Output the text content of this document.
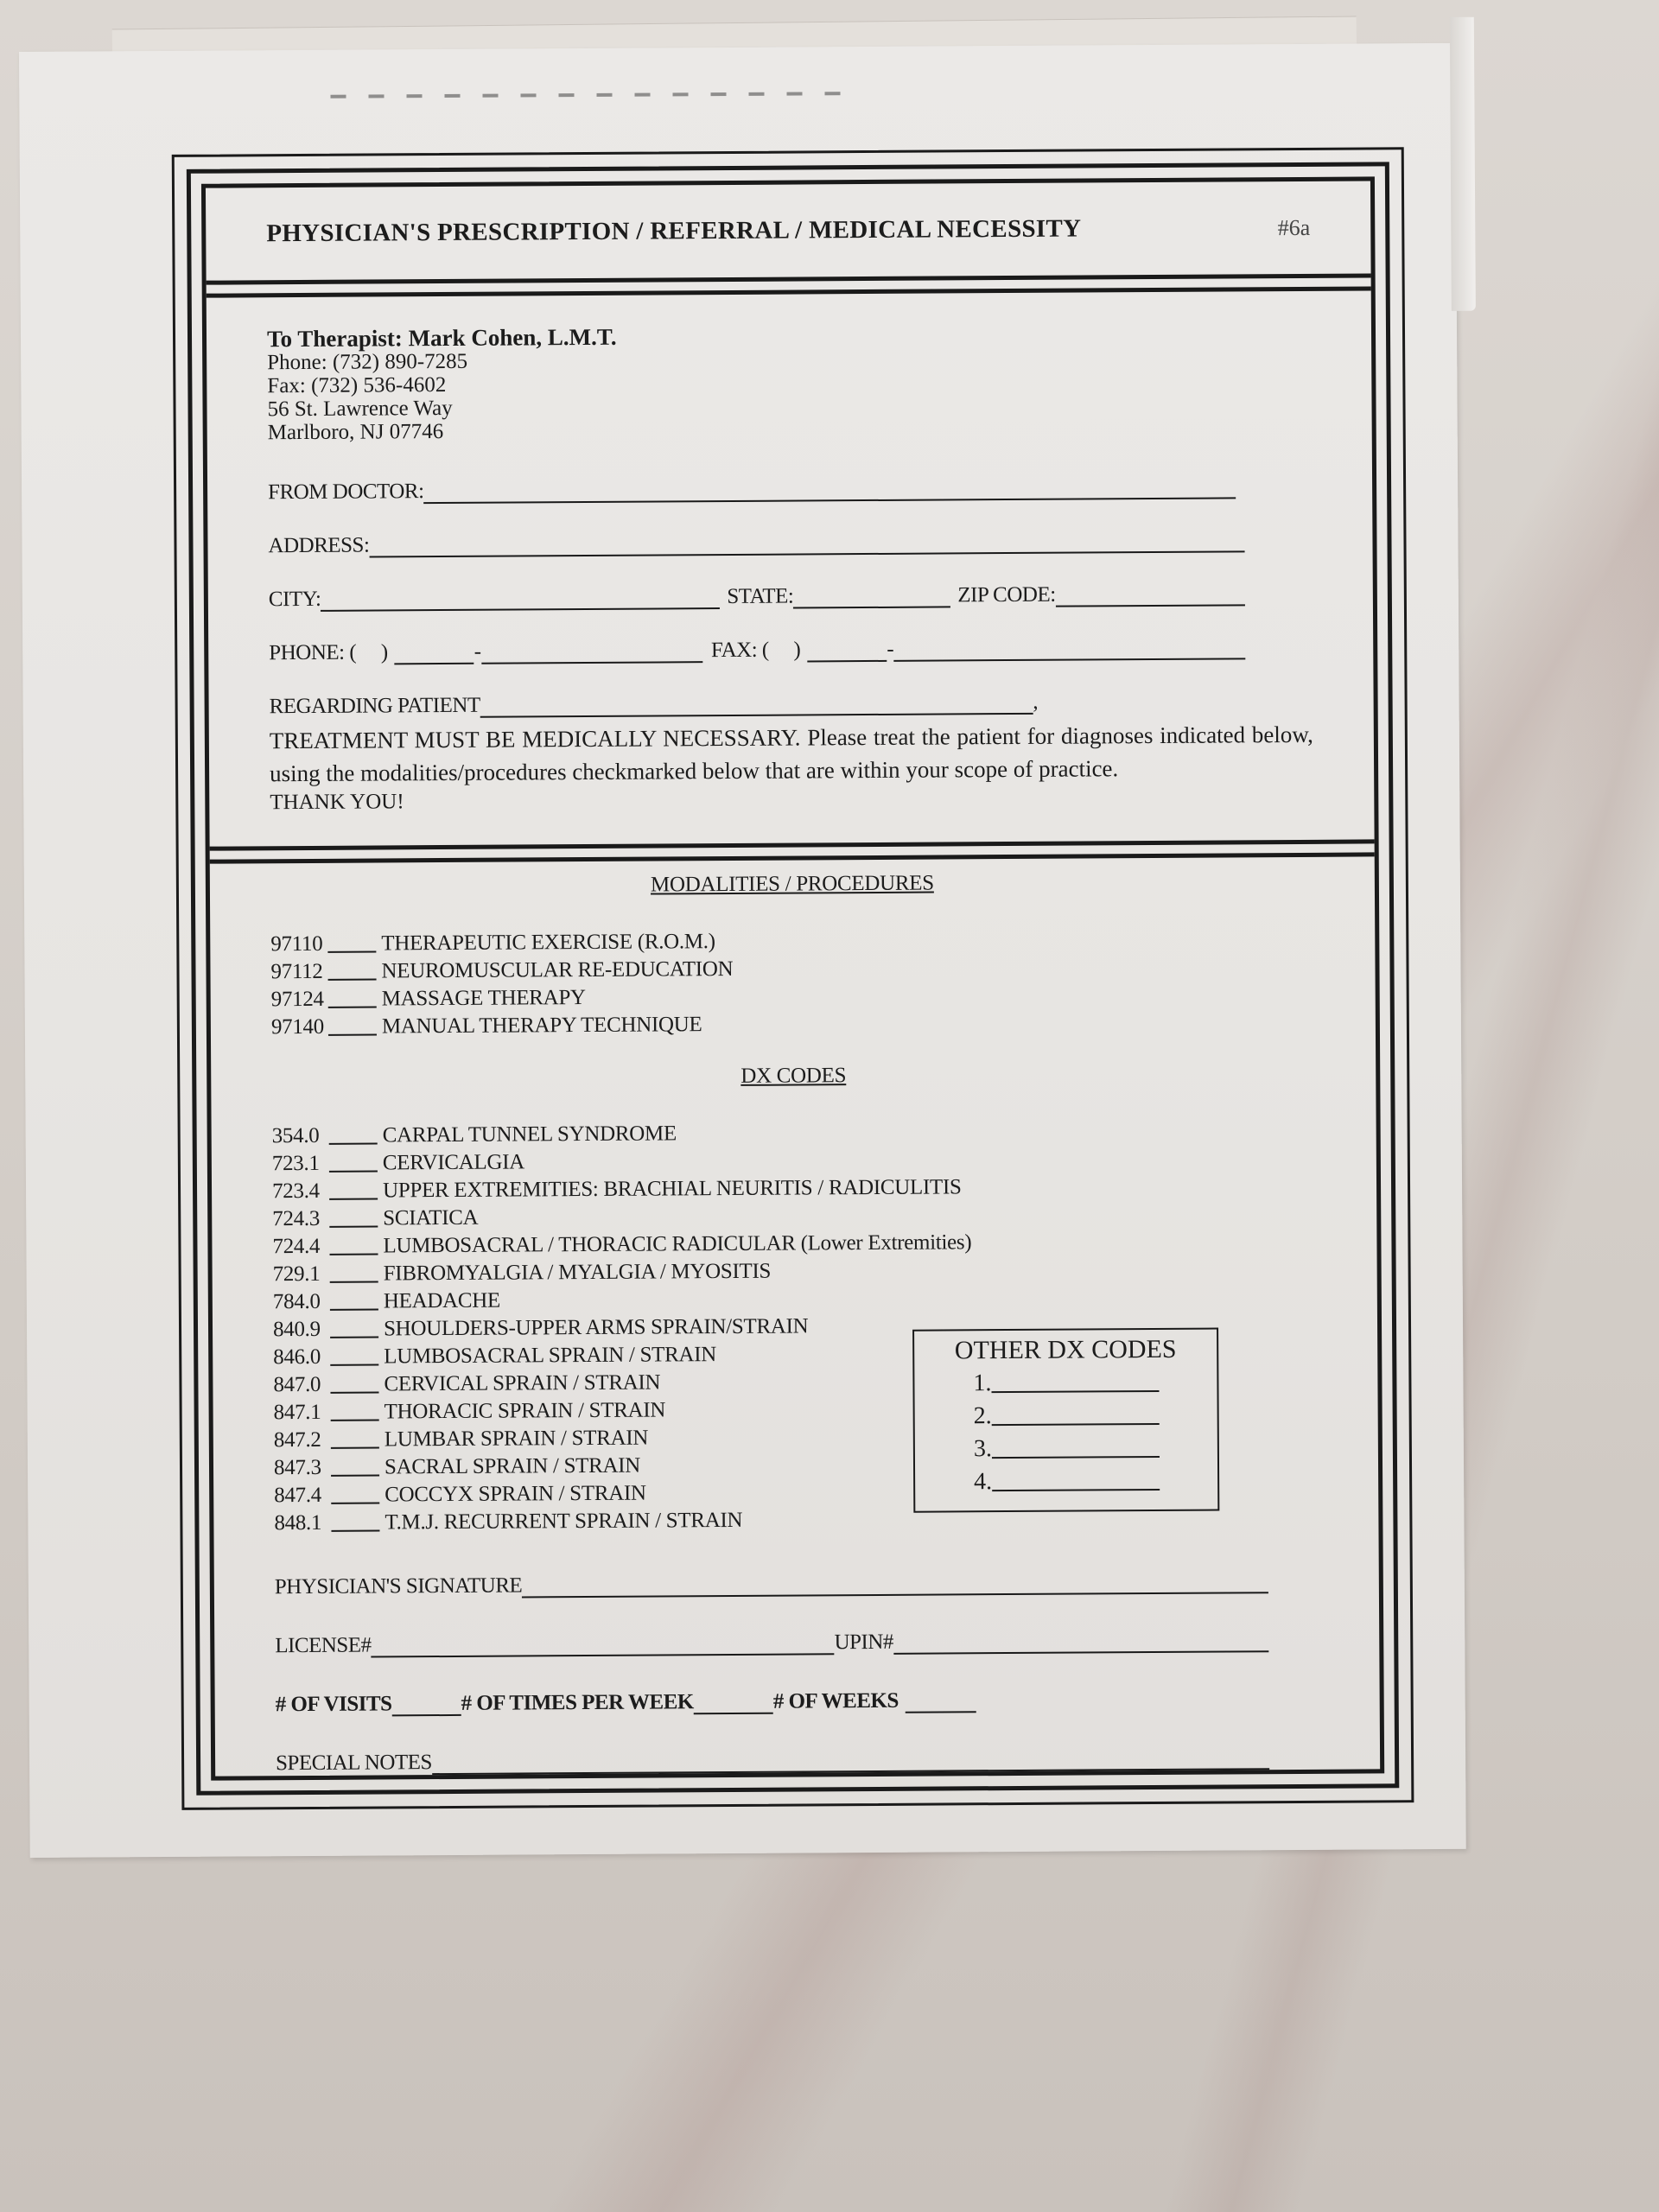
PHYSICIAN'S PRESCRIPTION / REFERRAL / MEDICAL NECESSITY	#6a
To Therapist: Mark Cohen, L.M.T.
Phone: (732) 890-7285
Fax: (732) 536-4602
56 St. Lawrence Way
Marlboro, NJ 07746
FROM DOCTOR:
ADDRESS:
CITY:	STATE:	ZIP CODE:
PHONE: (     )	-	FAX: (     )	-
REGARDING PATIENT	,
TREATMENT MUST BE MEDICALLY NECESSARY. Please treat the patient for diagnoses indicated below, using the modalities/procedures checkmarked below that are within your scope of practice.
THANK YOU!
MODALITIES / PROCEDURES
97110	THERAPEUTIC EXERCISE (R.O.M.)
97112	NEUROMUSCULAR RE-EDUCATION
97124	MASSAGE THERAPY
97140	MANUAL THERAPY TECHNIQUE
DX CODES
354.0	CARPAL TUNNEL SYNDROME
723.1	CERVICALGIA
723.4	UPPER EXTREMITIES: BRACHIAL NEURITIS / RADICULITIS
724.3	SCIATICA
724.4	LUMBOSACRAL / THORACIC RADICULAR (Lower Extremities)
729.1	FIBROMYALGIA / MYALGIA / MYOSITIS
784.0	HEADACHE
840.9	SHOULDERS-UPPER ARMS SPRAIN/STRAIN
846.0	LUMBOSACRAL SPRAIN / STRAIN
847.0	CERVICAL SPRAIN / STRAIN
847.1	THORACIC SPRAIN / STRAIN
847.2	LUMBAR SPRAIN / STRAIN
847.3	SACRAL SPRAIN / STRAIN
847.4	COCCYX SPRAIN / STRAIN
848.1	T.M.J. RECURRENT SPRAIN / STRAIN
OTHER DX CODES
1.
2.
3.
4.
PHYSICIAN'S SIGNATURE
LICENSE#	UPIN#
# OF VISITS	# OF TIMES PER WEEK	# OF WEEKS
SPECIAL NOTES
